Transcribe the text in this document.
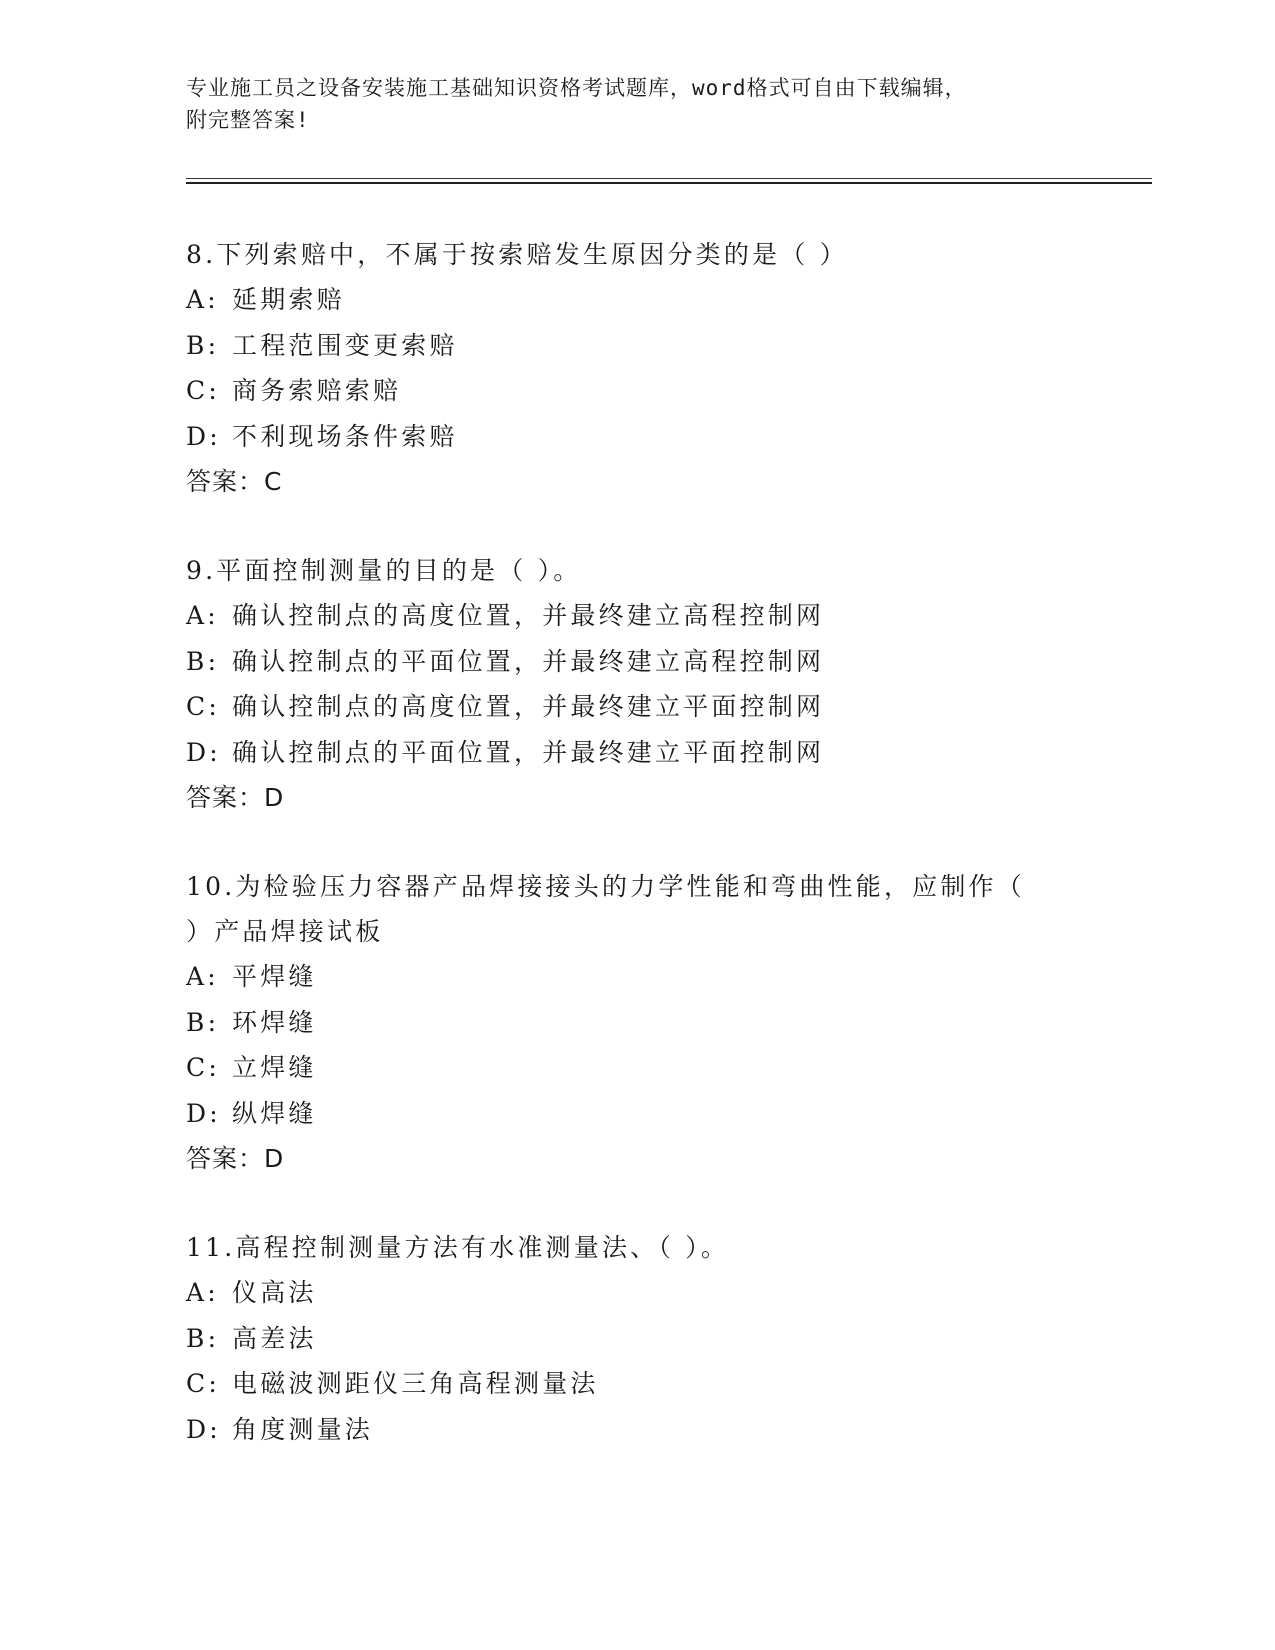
专业施工员之设备安装施工基础知识资格考试题库，word格式可自由下载编辑，
附完整答案!

8.下列索赔中，不属于按索赔发生原因分类的是（ ）

A: 延期索赔

B: 工程范围变更索赔

C: 商务索赔索赔

D: 不利现场条件索赔

答案：C

9.平面控制测量的目的是（ ）。

A: 确认控制点的高度位置，并最终建立高程控制网

B: 确认控制点的平面位置，并最终建立高程控制网

C: 确认控制点的高度位置，并最终建立平面控制网

D: 确认控制点的平面位置，并最终建立平面控制网

答案：D

10.为检验压力容器产品焊接接头的力学性能和弯曲性能，应制作（ ）产品焊接试板

A: 平焊缝

B: 环焊缝

C: 立焊缝

D: 纵焊缝

答案：D

11.高程控制测量方法有水准测量法、（ ）。

A: 仪高法

B: 高差法

C: 电磁波测距仪三角高程测量法

D: 角度测量法
